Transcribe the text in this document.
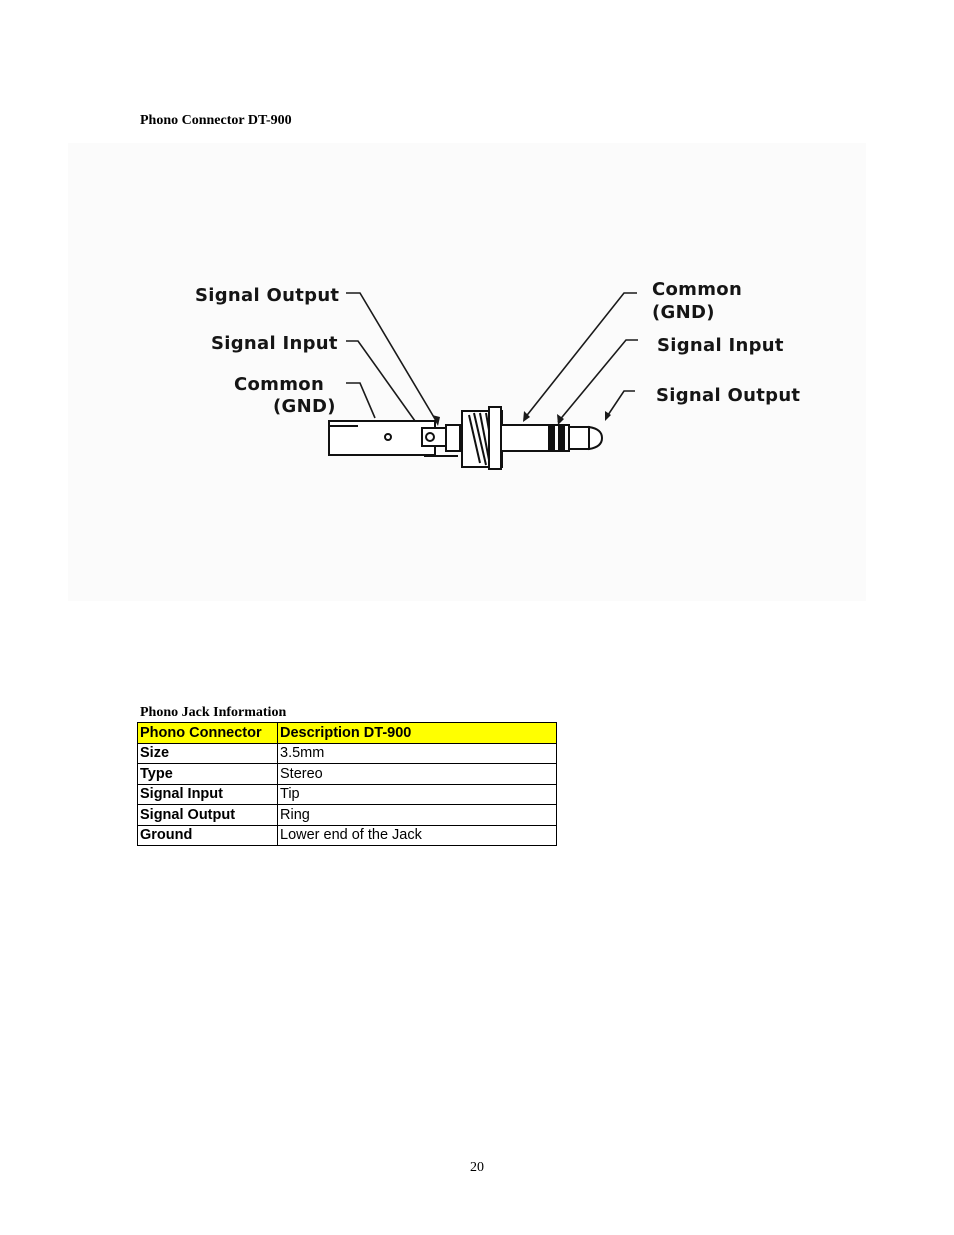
Phono Connector DT-900
Signal Output
Signal Input
Common
(GND)
Common
(GND)
Signal Input
Signal Output
Phono Jack Information
Phono Connector	Description DT-900
Size	3.5mm
Type	Stereo
Signal Input	Tip
Signal Output	Ring
Ground	Lower end of the Jack
20
